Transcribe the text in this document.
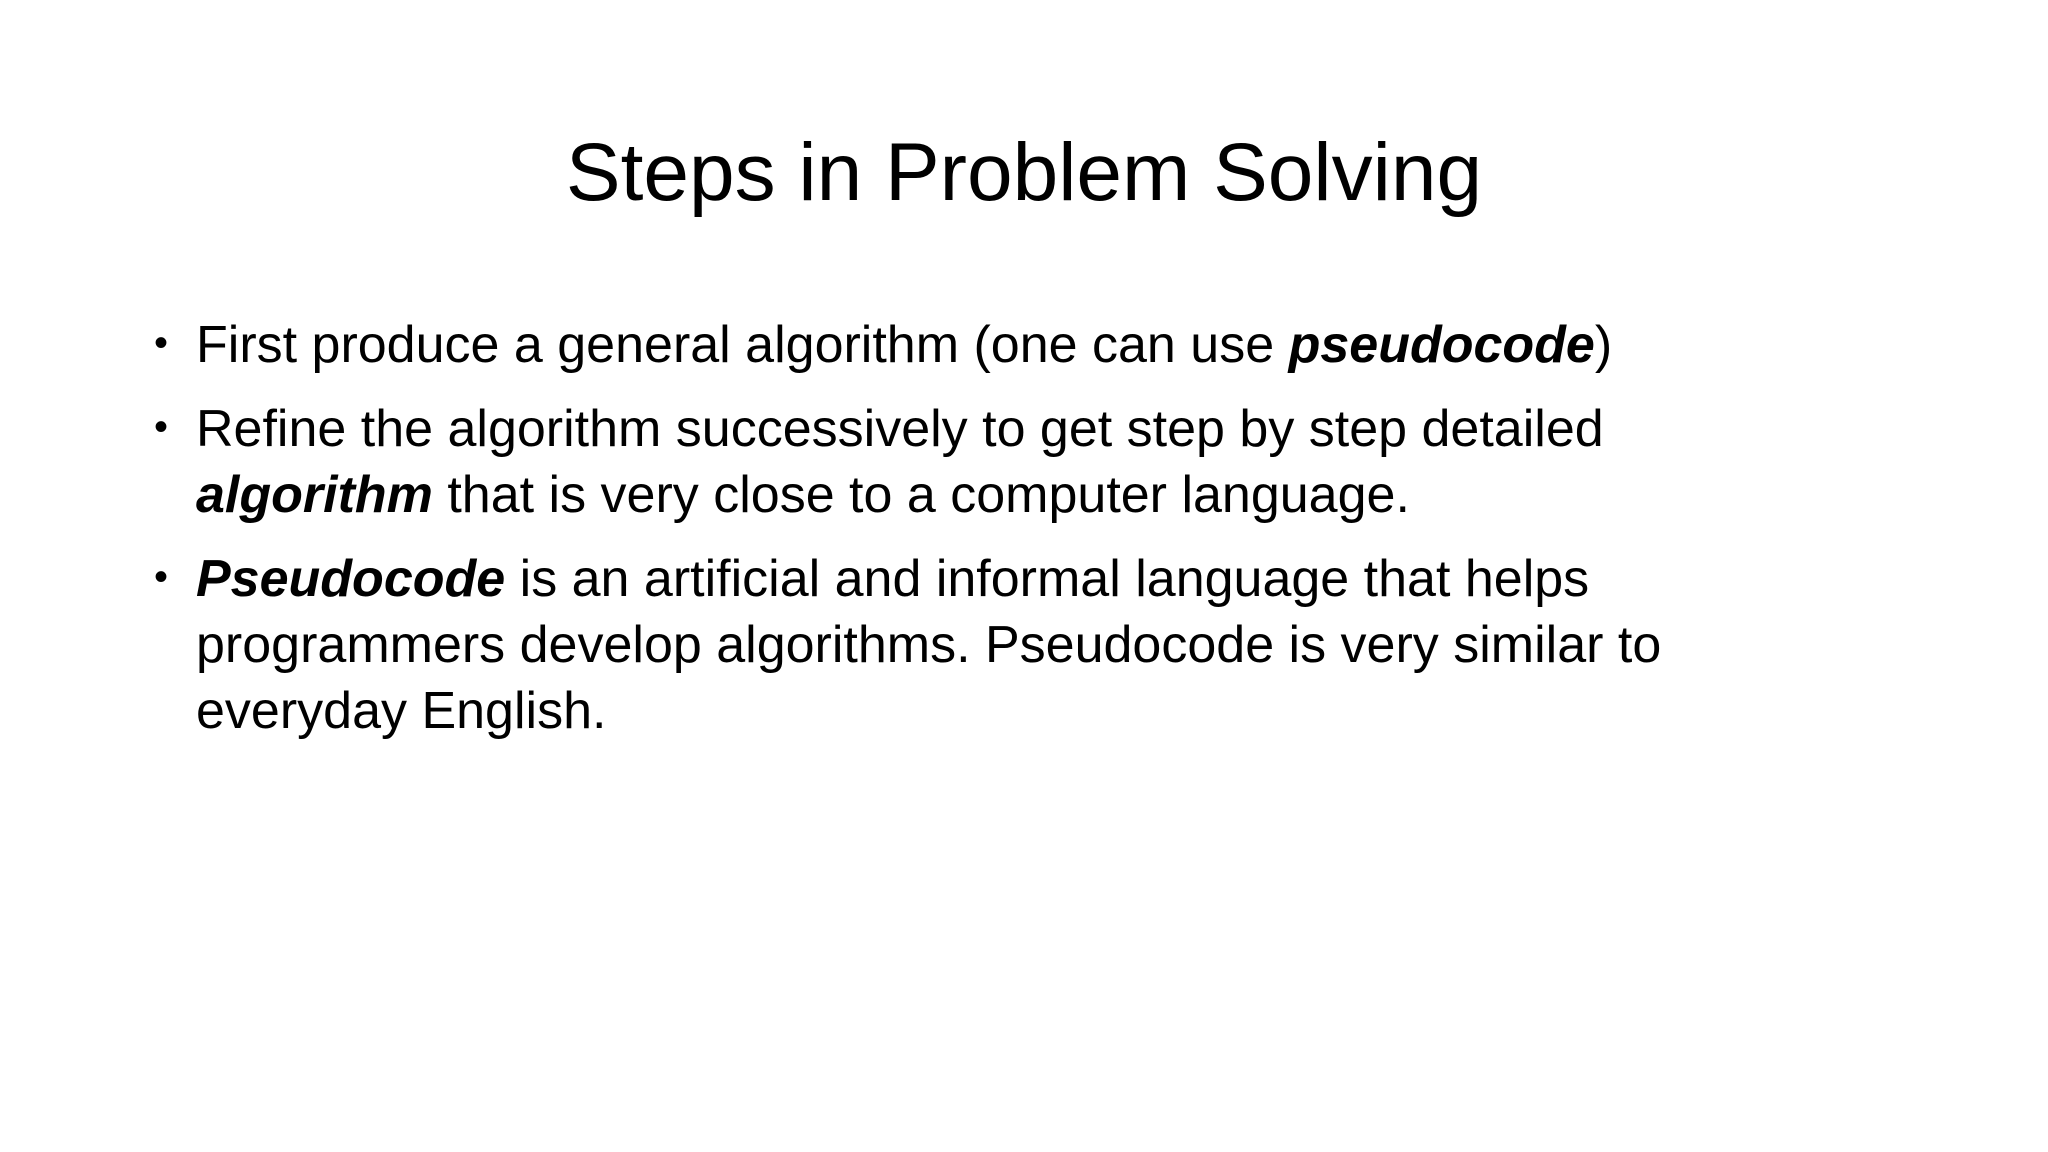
Steps in Problem Solving
• First produce a general algorithm (one can use pseudocode)
• Refine the algorithm successively to get step by step detailed algorithm that is very close to a computer language.
• Pseudocode is an artificial and informal language that helps programmers develop algorithms. Pseudocode is very similar to everyday English.
